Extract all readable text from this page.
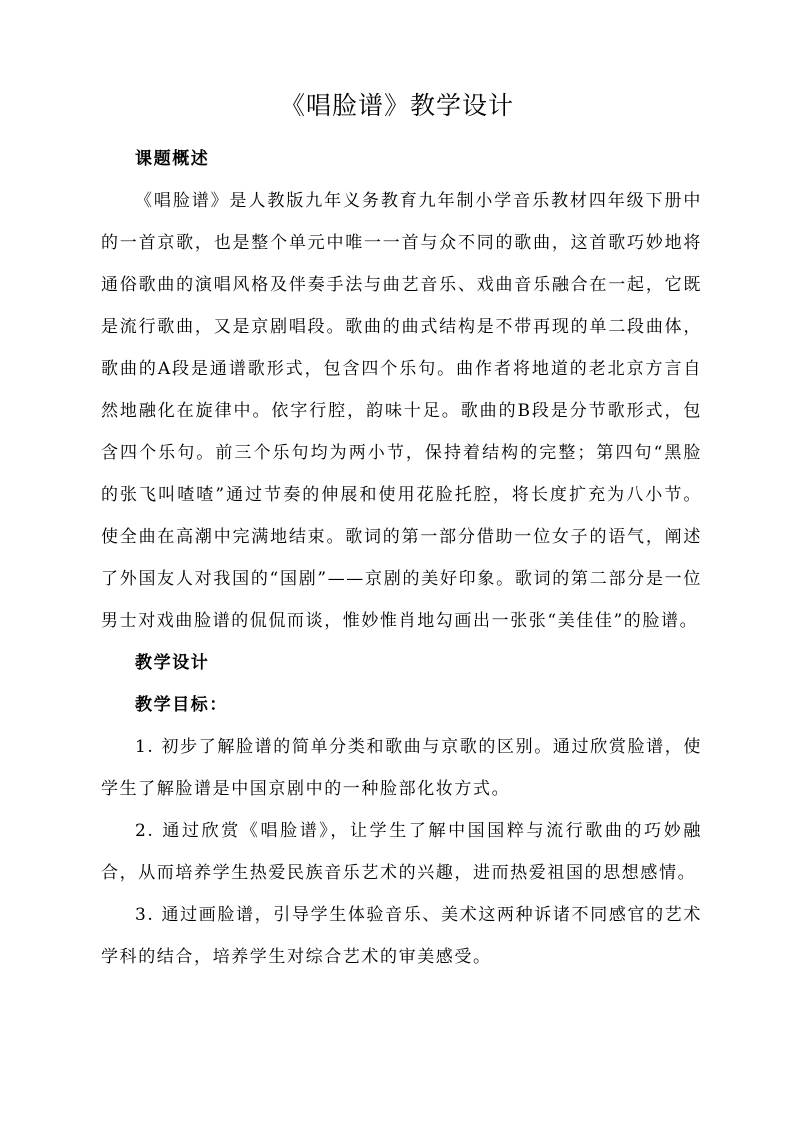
《唱脸谱》教学设计

课题概述

《唱脸谱》是人教版九年义务教育九年制小学音乐教材四年级下册中的一首京歌，也是整个单元中唯一一首与众不同的歌曲，这首歌巧妙地将通俗歌曲的演唱风格及伴奏手法与曲艺音乐、戏曲音乐融合在一起，它既是流行歌曲，又是京剧唱段。歌曲的曲式结构是不带再现的单二段曲体，歌曲的A段是通谱歌形式，包含四个乐句。曲作者将地道的老北京方言自然地融化在旋律中。依字行腔，韵味十足。歌曲的B段是分节歌形式，包含四个乐句。前三个乐句均为两小节，保持着结构的完整；第四句“黑脸的张飞叫喳喳”通过节奏的伸展和使用花脸托腔，将长度扩充为八小节。使全曲在高潮中完满地结束。歌词的第一部分借助一位女子的语气，阐述了外国友人对我国的“国剧”——京剧的美好印象。歌词的第二部分是一位男士对戏曲脸谱的侃侃而谈，惟妙惟肖地勾画出一张张“美佳佳”的脸谱。

教学设计

教学目标：

1. 初步了解脸谱的简单分类和歌曲与京歌的区别。通过欣赏脸谱，使学生了解脸谱是中国京剧中的一种脸部化妆方式。

2. 通过欣赏《唱脸谱》，让学生了解中国国粹与流行歌曲的巧妙融合，从而培养学生热爱民族音乐艺术的兴趣，进而热爱祖国的思想感情。

3. 通过画脸谱，引导学生体验音乐、美术这两种诉诸不同感官的艺术学科的结合，培养学生对综合艺术的审美感受。
